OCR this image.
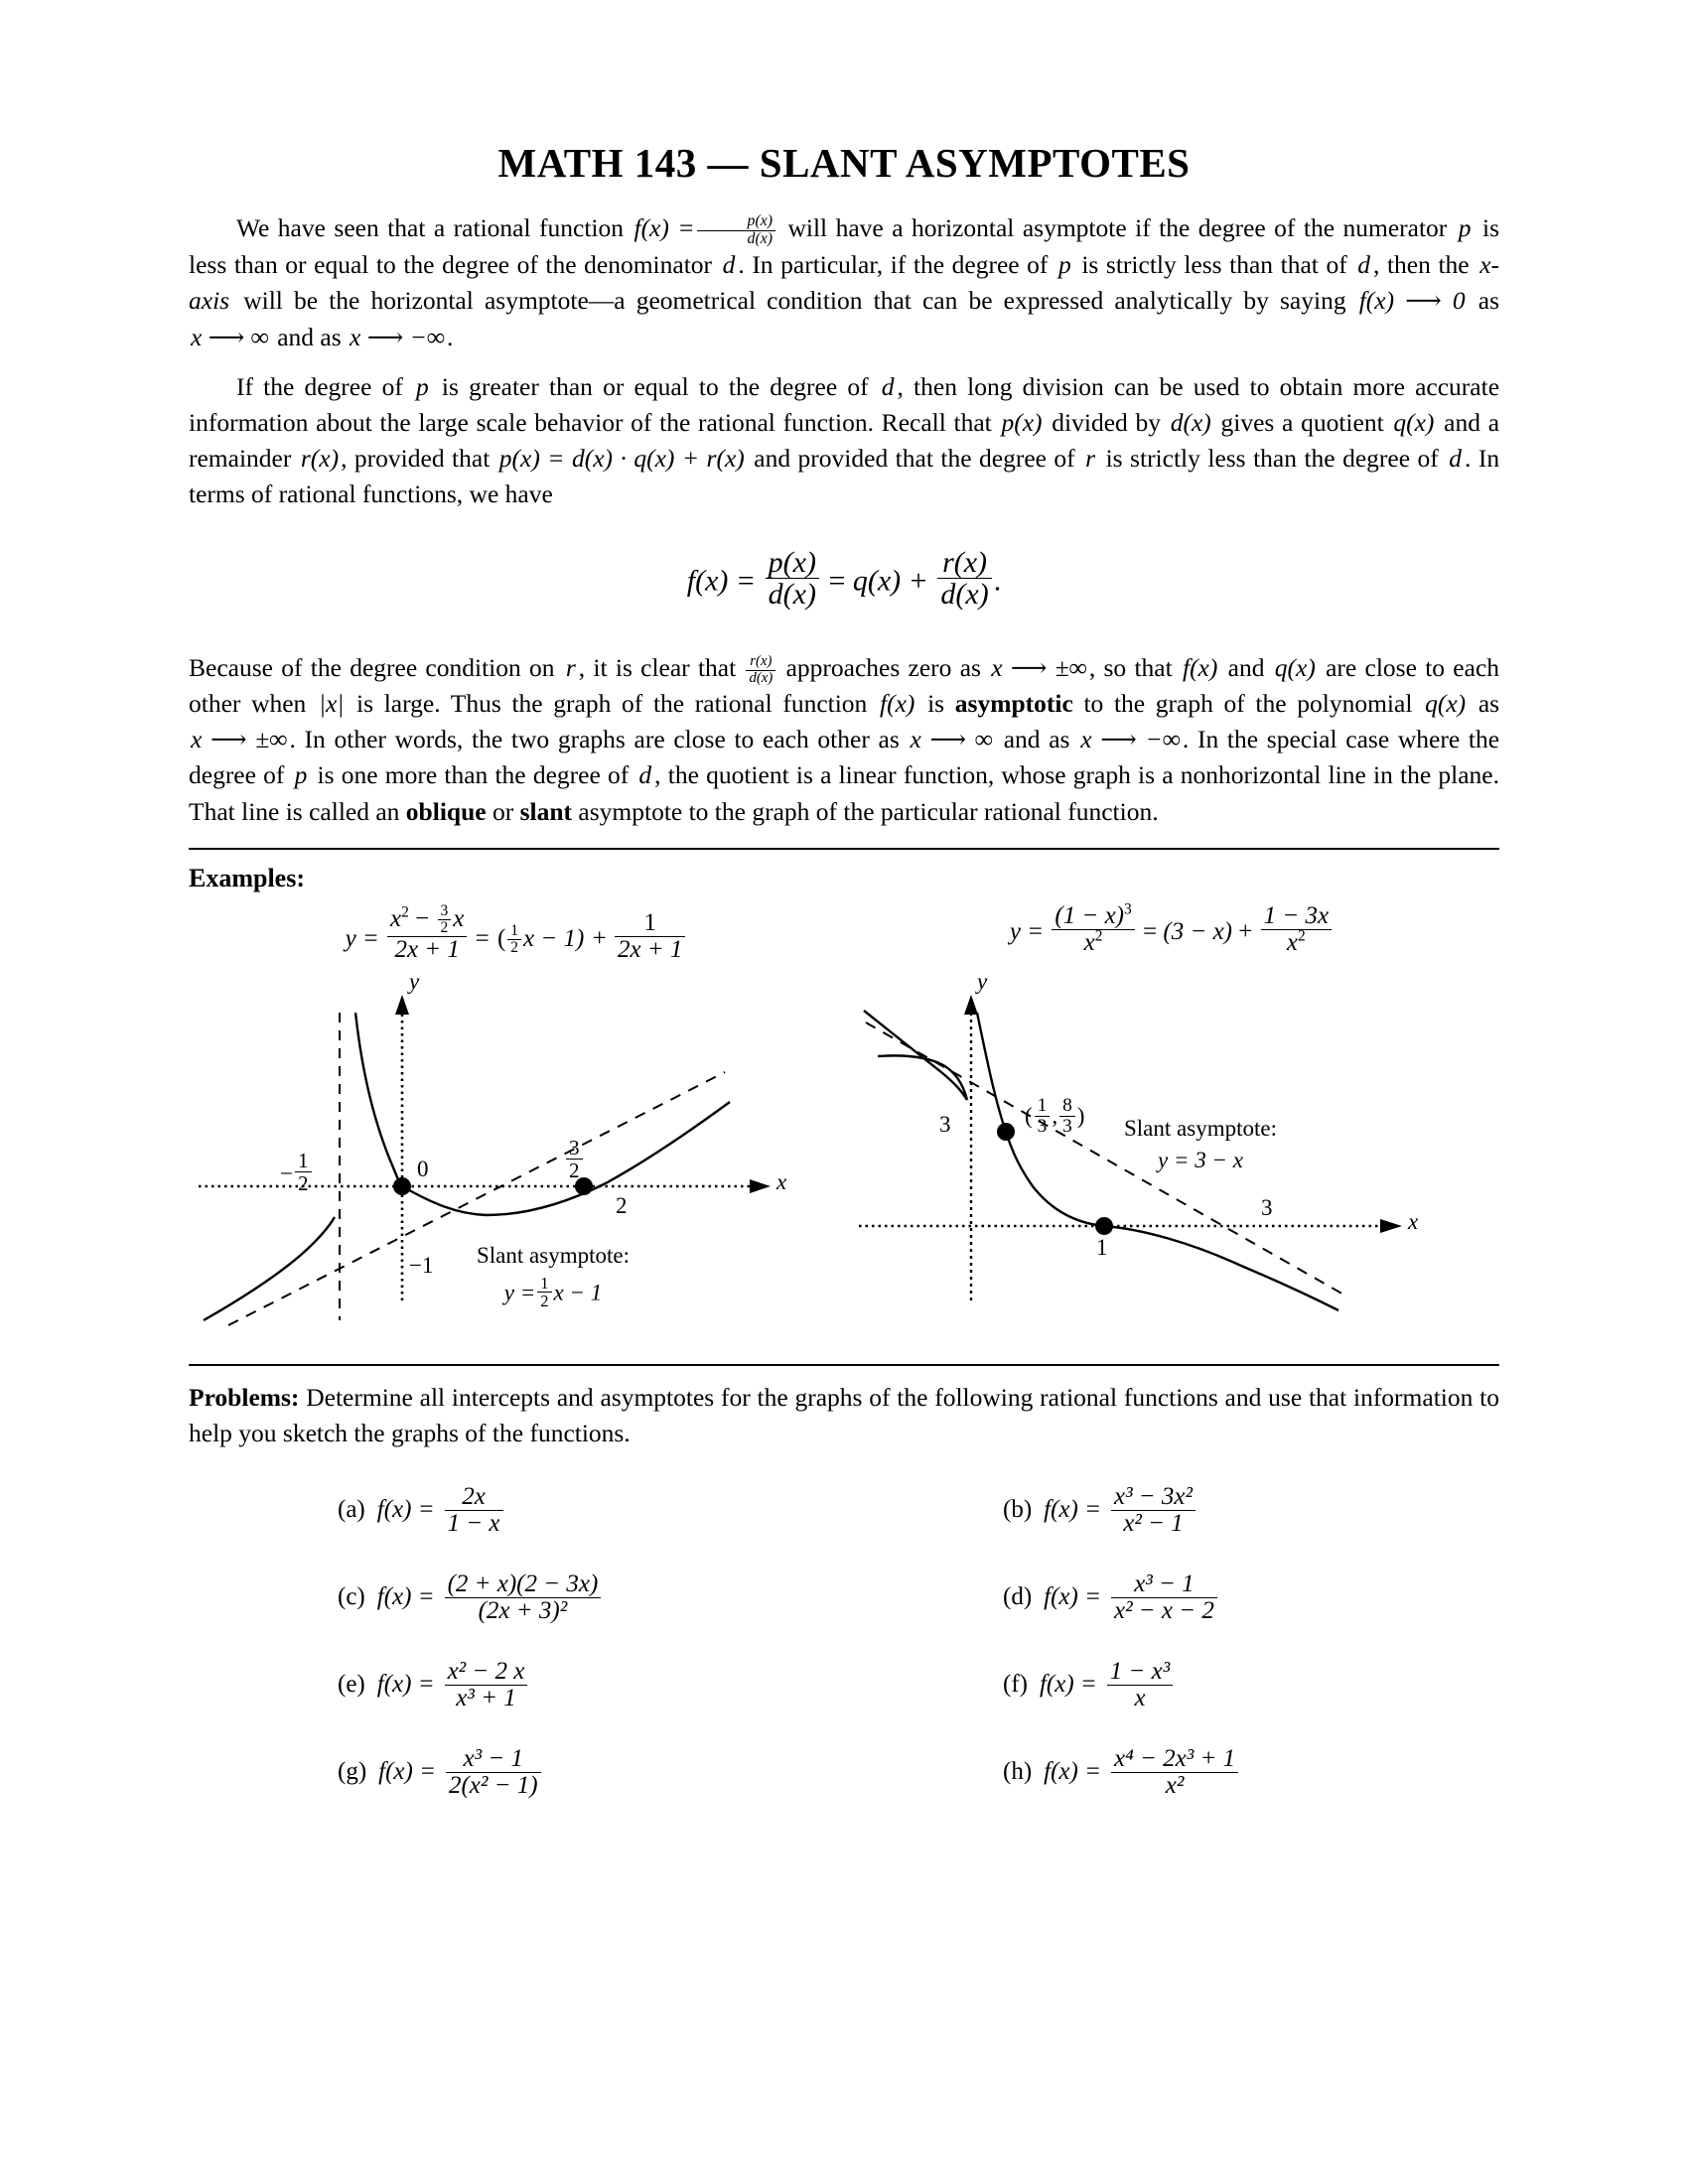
MATH 143 — SLANT ASYMPTOTES

We have seen that a rational function $f(x) = \frac{p(x)}{d(x)}$ will have a horizontal asymptote if the degree of the numerator p is less than or equal to the degree of the denominator d . In particular, if the degree of p is strictly less than that of d , then the x-axis will be the horizontal asymptote—a geometrical condition that can be expressed analytically by saying f(x) ⟶ 0 as x ⟶ ∞ and as x ⟶ −∞.

If the degree of p is greater than or equal to the degree of d , then long division can be used to obtain more accurate information about the large scale behavior of the rational function. Recall that p(x) divided by d(x) gives a quotient q(x) and a remainder r(x), provided that p(x) = d(x) · q(x) + r(x) and provided that the degree of r is strictly less than the degree of d . In terms of rational functions, we have

$f(x) = \frac{p(x)}{d(x)} = q(x) + \frac{r(x)}{d(x)}$ .

Because of the degree condition on r , it is clear that $\frac{r(x)}{d(x)}$ approaches zero as x ⟶ ±∞, so that f(x) and q(x) are close to each other when |x| is large. Thus the graph of the rational function f(x) is asymptotic to the graph of the polynomial q(x) as x ⟶ ±∞. In other words, the two graphs are close to each other as x ⟶ ∞ and as x ⟶ −∞. In the special case where the degree of p is one more than the degree of d , the quotient is a linear function, whose graph is a nonhorizontal line in the plane. That line is called an oblique or slant asymptote to the graph of the particular rational function.

Examples:
$y = \frac{x^2 - \frac{3}{2} x}{2x + 1}$ = ( $\frac{1}{2}$ $x - 1) + \frac{1}{2x + 1}$
y
x
− $\frac{1}{2}$	0	$\frac{3}{2}$
2
−1 Slant asymptote:
$y = \frac{1}{2}$ x − 1
$y = \frac{(1 - x)^3}{x^2} = (3 - x) + \frac{1 - 3x}{x^2}$
y
x
3
1
3
( $\frac{1}{3}$ , $\frac{8}{3}$ )
Slant asymptote:
y = 3 − x

Problems: Determine all intercepts and asymptotes for the graphs of the following rational functions and use that information to help you sketch the graphs of the functions.

(a) $f(x) = \frac{2x}{1 - x}$	(b) $f(x) = \frac{\text{x³ − 3x²}}{\text{x² − 1}}$
(c) $f(x) = \frac{(2 + x)(2 - 3x)}{\text{(2x + 3)²}}$	(d) $f(x) = \frac{\text{x³ − 1}}{\text{x² − x − 2}}$
(e) $f(x) = \frac{\text{x² − 2 x}}{\text{x³ + 1}}$	(f) $f(x) = \frac{\text{1 − x³}}{x}$
(g) $f(x) = \frac{\text{x³ − 1}}{\text{2(x² − 1)}}$	(h) $f(x) = \frac{\text{x⁴ − 2x³ + 1}}{\text{x²}}$
